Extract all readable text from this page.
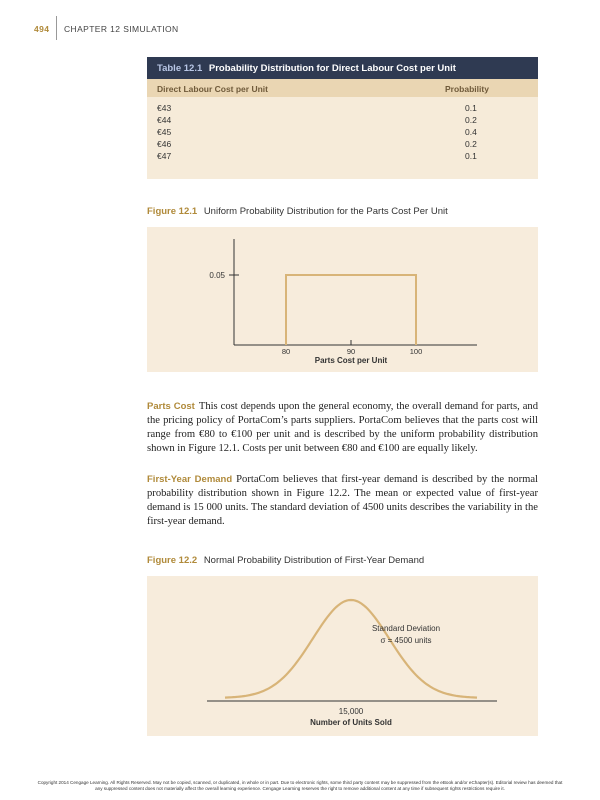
494 CHAPTER 12 SIMULATION
Table 12.1 Probability Distribution for Direct Labour Cost per Unit
Direct Labour Cost per Unit	Probability
€43	0.1
€44	0.2
€45	0.4
€46	0.2
€47	0.1
Figure 12.1 Uniform Probability Distribution for the Parts Cost Per Unit
0.05
80	90	100
Parts Cost per Unit
Parts Cost This cost depends upon the general economy, the overall demand for parts, and the pricing policy of PortaCom’s parts suppliers. PortaCom believes that the parts cost will range from €80 to €100 per unit and is described by the uniform probability distribution shown in Figure 12.1. Costs per unit between €80 and €100 are equally likely.
First-Year Demand PortaCom believes that first-year demand is described by the normal probability distribution shown in Figure 12.2. The mean or expected value of first-year demand is 15 000 units. The standard deviation of 4500 units describes the variability in the first-year demand.
Figure 12.2 Normal Probability Distribution of First-Year Demand
Standard Deviation
σ = 4500 units
15,000
Number of Units Sold
Copyright 2014 Cengage Learning. All Rights Reserved. May not be copied, scanned, or duplicated, in whole or in part. Due to electronic rights, some third party content may be suppressed from the eBook and/or eChapter(s). Editorial review has deemed that any suppressed content does not materially affect the overall learning experience. Cengage Learning reserves the right to remove additional content at any time if subsequent rights restrictions require it.
